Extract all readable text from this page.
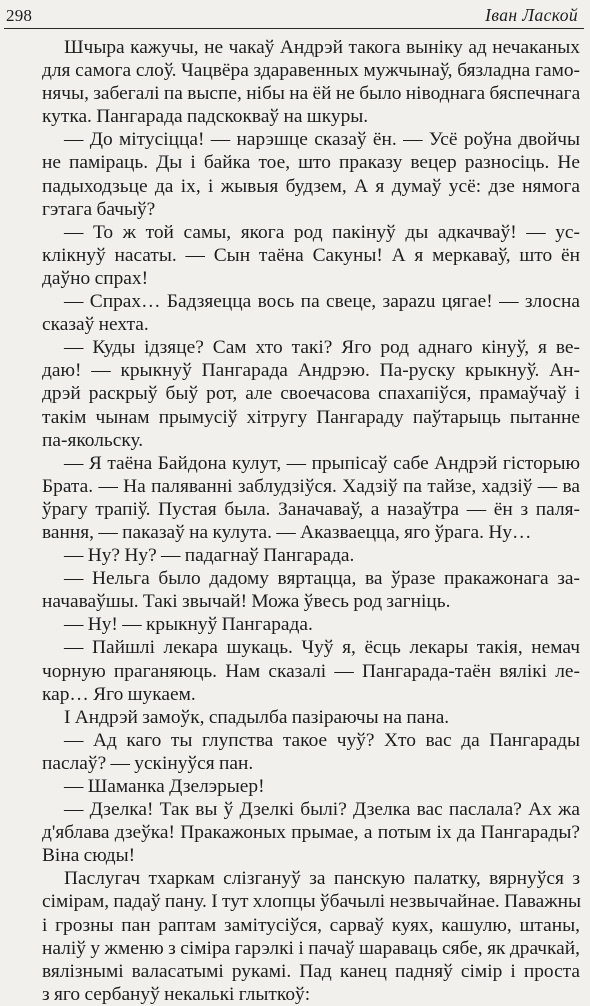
298	Іван Лаской
Шчыра кажучы, не чакаў Андрэй такога выніку ад нечаканых
для самога слоў. Чацвёра здаравенных мужчынаў, бязладна гамо-
нячы, забегалі па выспе, нібы на ёй не было ніводнага бяспечнага
кутка. Пангарада падскокваў на шкуры.
— До мітусіцца! — нарэшце сказаў ён. — Усё роўна двойчы
не паміраць. Ды і байка тое, што праказу вецер разносіць. Не
падыходзьце да іх, і жывыя будзем, А я думаў усё: дзе нямога
гэтага бачыў?
— То ж той самы, якога род пакінуў ды адкачваў! — ус-
клікнуў насаты. — Сын таёна Сакуны! А я меркаваў, што ён
даўно спрах!
— Спрах… Бадзяецца вось па свеце, зарazu цягае! — злосна
сказаў нехта.
— Куды ідзяце? Сам хто такі? Яго род аднаго кінуў, я ве-
даю! — крыкнуў Пангарада Андрэю. Па-руску крыкнуў. Ан-
дрэй раскрыў быў рот, але своечасова спахапіўся, прамаўчаў і
такім чынам прымусіў хітругу Пангараду паўтарыць пытанне
па-якольску.
— Я таёна Байдона кулут, — прыпісаў сабе Андрэй гісторыю
Брата. — На паляванні заблудзіўся. Хадзіў па тайзе, хадзіў — ва
ўрагу трапіў. Пустая была. Заначаваў, а назаўтра — ён з паля-
вання, — паказаў на кулута. — Аказваецца, яго ўрага. Ну…
— Ну? Ну? — падагнаў Пангарада.
— Нельга было дадому вяртацца, ва ўразе пракажонага за-
начаваўшы. Такі звычай! Можа ўвесь род загніць.
— Ну! — крыкнуў Пангарада.
— Пайшлі лекара шукаць. Чуў я, ёсць лекары такія, немач
чорную праганяюць. Нам сказалі — Пангарада-таён вялікі ле-
кар… Яго шукаем.
І Андрэй замоўк, спадылба пазіраючы на пана.
— Ад каго ты глупства такое чуў? Хто вас да Пангарады
паслаў? — ускінуўся пан.
— Шаманка Дзелэрыер!
— Дзелка! Так вы ў Дзелкі былі? Дзелка вас паслала? Ах жа
д'яблава дзеўка! Пракажоных прымае, а потым іх да Пангарады?
Віна сюды!
Паслугач тхаркам слізгануў за панскую палатку, вярнуўся з
сімірам, падаў пану. І тут хлопцы ўбачылі незвычайнае. Паважны
і грозны пан раптам замітусіўся, сарваў куях, кашулю, штаны,
наліў у жменю з сіміра гарэлкі і пачаў шараваць сябе, як драчкай,
вялізнымі валасатымі рукамі. Пад канец падняў сімір і проста
з яго сербануў некалькі глыткоў:
